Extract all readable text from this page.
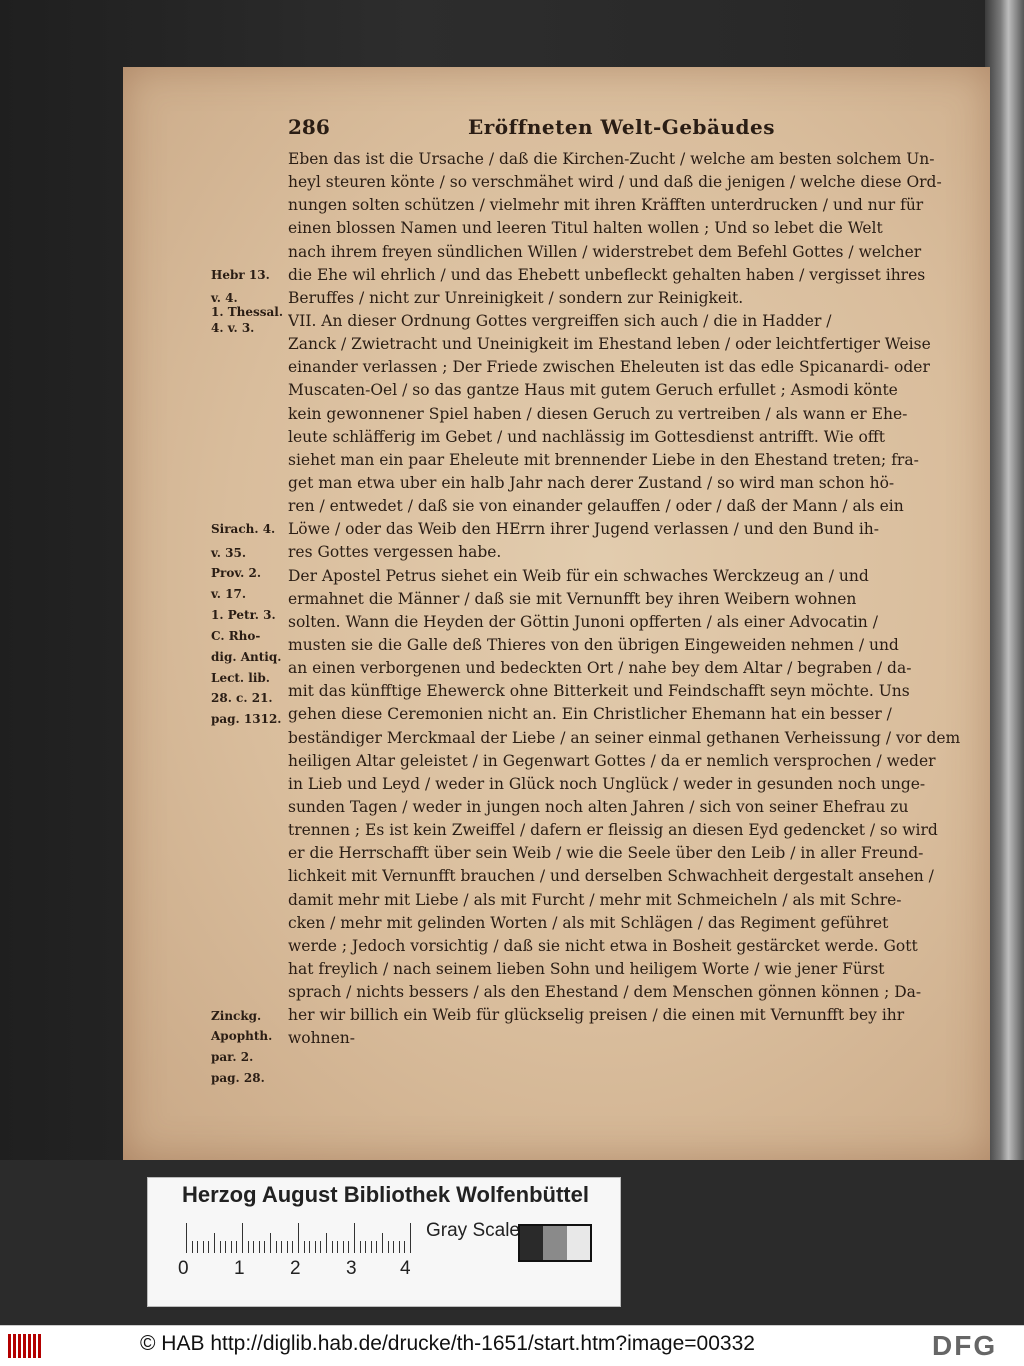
286	Eröffneten Welt-Gebäudes
Eben das ist die Ursache / daß die Kirchen-Zucht / welche am besten solchem Un-
heyl steuren könte / so verschmähet wird / und daß die jenigen / welche diese Ord-
nungen solten schützen / vielmehr mit ihren Kräfften unterdrucken / und nur für
einen blossen Namen und leeren Titul halten wollen ; Und so lebet die Welt
nach ihrem freyen sündlichen Willen / widerstrebet dem Befehl Gottes / welcher
die Ehe wil ehrlich / und das Ehebett unbefleckt gehalten haben / vergisset ihres
Beruffes / nicht zur Unreinigkeit / sondern zur Reinigkeit.
VII. An dieser Ordnung Gottes vergreiffen sich auch / die in Hadder /
Zanck / Zwietracht und Uneinigkeit im Ehestand leben / oder leichtfertiger Weise
einander verlassen ; Der Friede zwischen Eheleuten ist das edle Spicanardi- oder
Muscaten-Oel / so das gantze Haus mit gutem Geruch erfullet ; Asmodi könte
kein gewonnener Spiel haben / diesen Geruch zu vertreiben / als wann er Ehe-
leute schläfferig im Gebet / und nachlässig im Gottesdienst antrifft. Wie offt
siehet man ein paar Eheleute mit brennender Liebe in den Ehestand treten; fra-
get man etwa uber ein halb Jahr nach derer Zustand / so wird man schon hö-
ren / entwedet / daß sie von einander gelauffen / oder / daß der Mann / als ein
Löwe / oder das Weib den HErrn ihrer Jugend verlassen / und den Bund ih-
res Gottes vergessen habe.
Der Apostel Petrus siehet ein Weib für ein schwaches Werckzeug an / und
ermahnet die Männer / daß sie mit Vernunfft bey ihren Weibern wohnen
solten. Wann die Heyden der Göttin Junoni opfferten / als einer Advocatin /
musten sie die Galle deß Thieres von den übrigen Eingeweiden nehmen / und
an einen verborgenen und bedeckten Ort / nahe bey dem Altar / begraben / da-
mit das künfftige Ehewerck ohne Bitterkeit und Feindschafft seyn möchte. Uns
gehen diese Ceremonien nicht an. Ein Christlicher Ehemann hat ein besser /
beständiger Merckmaal der Liebe / an seiner einmal gethanen Verheissung / vor dem
heiligen Altar geleistet / in Gegenwart Gottes / da er nemlich versprochen / weder
in Lieb und Leyd / weder in Glück noch Unglück / weder in gesunden noch unge-
sunden Tagen / weder in jungen noch alten Jahren / sich von seiner Ehefrau zu
trennen ; Es ist kein Zweiffel / dafern er fleissig an diesen Eyd gedencket / so wird
er die Herrschafft über sein Weib / wie die Seele über den Leib / in aller Freund-
lichkeit mit Vernunfft brauchen / und derselben Schwachheit dergestalt ansehen /
damit mehr mit Liebe / als mit Furcht / mehr mit Schmeicheln / als mit Schre-
cken / mehr mit gelinden Worten / als mit Schlägen / das Regiment geführet
werde ; Jedoch vorsichtig / daß sie nicht etwa in Bosheit gestärcket werde. Gott
hat freylich / nach seinem lieben Sohn und heiligem Worte / wie jener Fürst
sprach / nichts bessers / als den Ehestand / dem Menschen gönnen können ; Da-
her wir billich ein Weib für glückselig preisen / die einen mit Vernunfft bey ihr
wohnen-
Hebr 13.
v. 4.
1. Thessal.
4. v. 3.
Sirach. 4.
v. 35.
Prov. 2.
v. 17.
1. Petr. 3.
C. Rho-
dig. Antiq.
Lect. lib.
28. c. 21.
pag. 1312.
Zinckg.
Apophth.
par. 2.
pag. 28.
Herzog August Bibliothek Wolfenbüttel
0 1 2 3 4
Gray Scale
© HAB http://diglib.hab.de/drucke/th-1651/start.htm?image=00332	DFG
